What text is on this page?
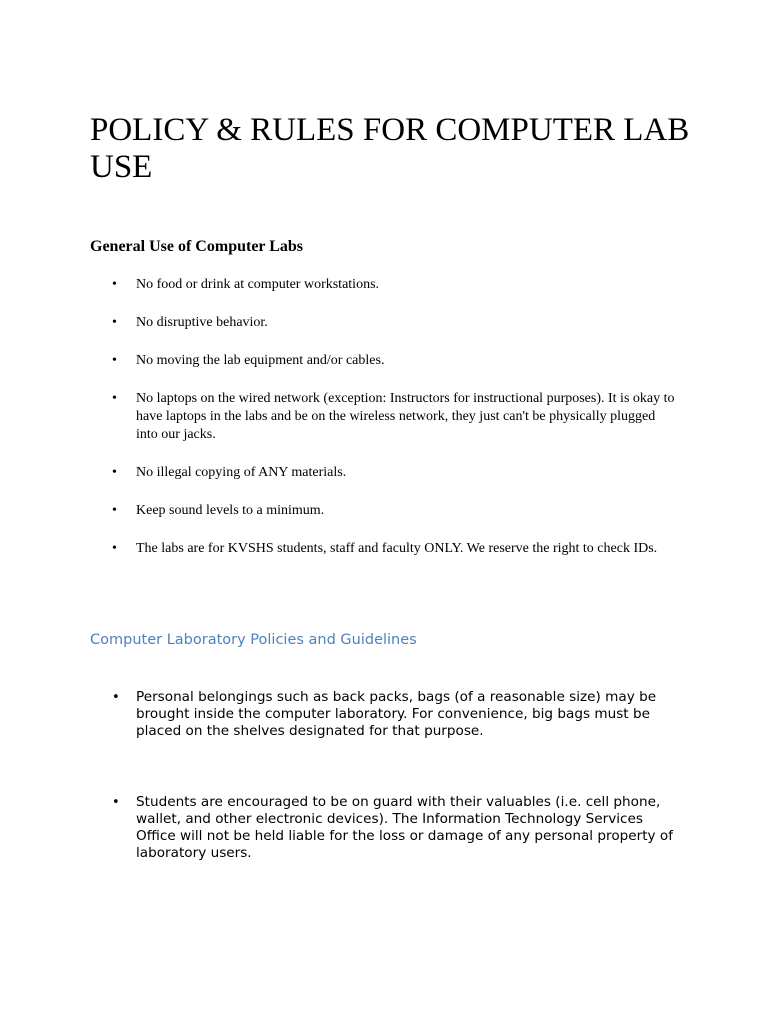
POLICY & RULES FOR COMPUTER LAB USE
General Use of Computer Labs
• No food or drink at computer workstations.
• No disruptive behavior.
• No moving the lab equipment and/or cables.
• No laptops on the wired network (exception: Instructors for instructional purposes). It is okay to have laptops in the labs and be on the wireless network, they just can't be physically plugged into our jacks.
• No illegal copying of ANY materials.
• Keep sound levels to a minimum.
• The labs are for KVSHS students, staff and faculty ONLY. We reserve the right to check IDs.
Computer Laboratory Policies and Guidelines
• Personal belongings such as back packs, bags (of a reasonable size) may be brought inside the computer laboratory. For convenience, big bags must be placed on the shelves designated for that purpose.
• Students are encouraged to be on guard with their valuables (i.e. cell phone, wallet, and other electronic devices). The Information Technology Services Office will not be held liable for the loss or damage of any personal property of laboratory users.
